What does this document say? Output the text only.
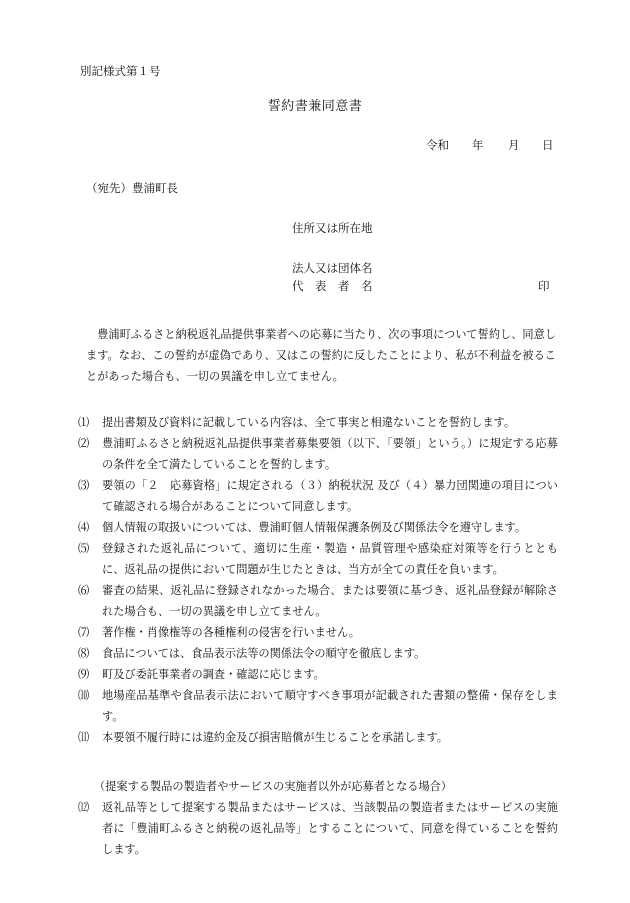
別記様式第１号
誓約書兼同意書
令和 年 月 日
（宛先）豊浦町長
住所又は所在地
法人又は団体名
代　表　者　名	印

豊浦町ふるさと納税返礼品提供事業者への応募に当たり、次の事項について誓約し、同意します。なお、この誓約が虚偽であり、又はこの誓約に反したことにより、私が不利益を被ることがあった場合も、一切の異議を申し立てません。

⑴	提出書類及び資料に記載している内容は、全て事実と相違ないことを誓約します。
⑵	豊浦町ふるさと納税返礼品提供事業者募集要領（以下、「要領」という。）に規定する応募の条件を全て満たしていることを誓約します。
⑶	要領の「２　応募資格」に規定される（３）納税状況 及び（４）暴力団関連の項目について確認される場合があることについて同意します。
⑷	個人情報の取扱いについては、豊浦町個人情報保護条例及び関係法令を遵守します。
⑸	登録された返礼品について、適切に生産・製造・品質管理や感染症対策等を行うとともに、返礼品の提供において問題が生じたときは、当方が全ての責任を負います。
⑹	審査の結果、返礼品に登録されなかった場合、または要領に基づき、返礼品登録が解除された場合も、一切の異議を申し立てません。
⑺	著作権・肖像権等の各種権利の侵害を行いません。
⑻	食品については、食品表示法等の関係法令の順守を徹底します。
⑼	町及び委託事業者の調査・確認に応じます。
⑽	地場産品基準や食品表示法において順守すべき事項が記載された書類の整備・保存をします。
⑾	本要領不履行時には違約金及び損害賠償が生じることを承諾します。
（提案する製品の製造者やサービスの実施者以外が応募者となる場合）
⑿	返礼品等として提案する製品またはサービスは、当該製品の製造者またはサービスの実施者に「豊浦町ふるさと納税の返礼品等」とすることについて、同意を得ていることを誓約します。
